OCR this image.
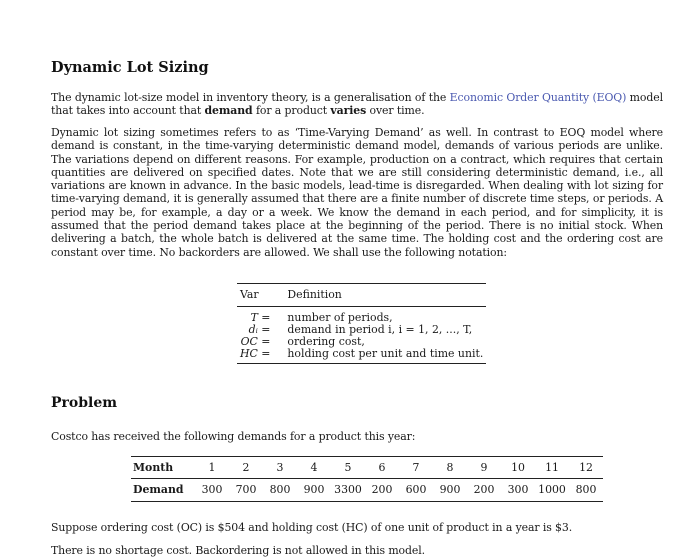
Dynamic Lot Sizing

The dynamic lot-size model in inventory theory, is a generalisation of the Economic Order Quantity (EOQ) model that takes into account that demand for a product varies over time.

Dynamic lot sizing sometimes refers to as ‘Time-Varying Demand’ as well. In contrast to EOQ model where demand is constant, in the time-varying deterministic demand model, demands of various periods are unlike. The variations depend on different reasons. For example, production on a contract, which requires that certain quantities are delivered on specified dates. Note that we are still considering deterministic demand, i.e., all variations are known in advance. In the basic models, lead-time is disregarded. When dealing with lot sizing for time-varying demand, it is generally assumed that there are a finite number of discrete time steps, or periods. A period may be, for example, a day or a week. We know the demand in each period, and for simplicity, it is assumed that the period demand takes place at the beginning of the period. There is no initial stock. When delivering a batch, the whole batch is delivered at the same time. The holding cost and the ordering cost are constant over time. No backorders are allowed. We shall use the following notation:

Var	Definition
T =	number of periods,
dᵢ =	demand in period i, i = 1, 2, ..., T,
OC =	ordering cost,
HC =	holding cost per unit and time unit.
Problem

Costco has received the following demands for a product this year:

Month	1	2	3	4	5	6	7	8	9	10	11	12
Demand	300	700	800	900	3300	200	600	900	200	300	1000	800

Suppose ordering cost (OC) is $504 and holding cost (HC) of one unit of product in a year is $3.

There is no shortage cost. Backordering is not allowed in this model.
